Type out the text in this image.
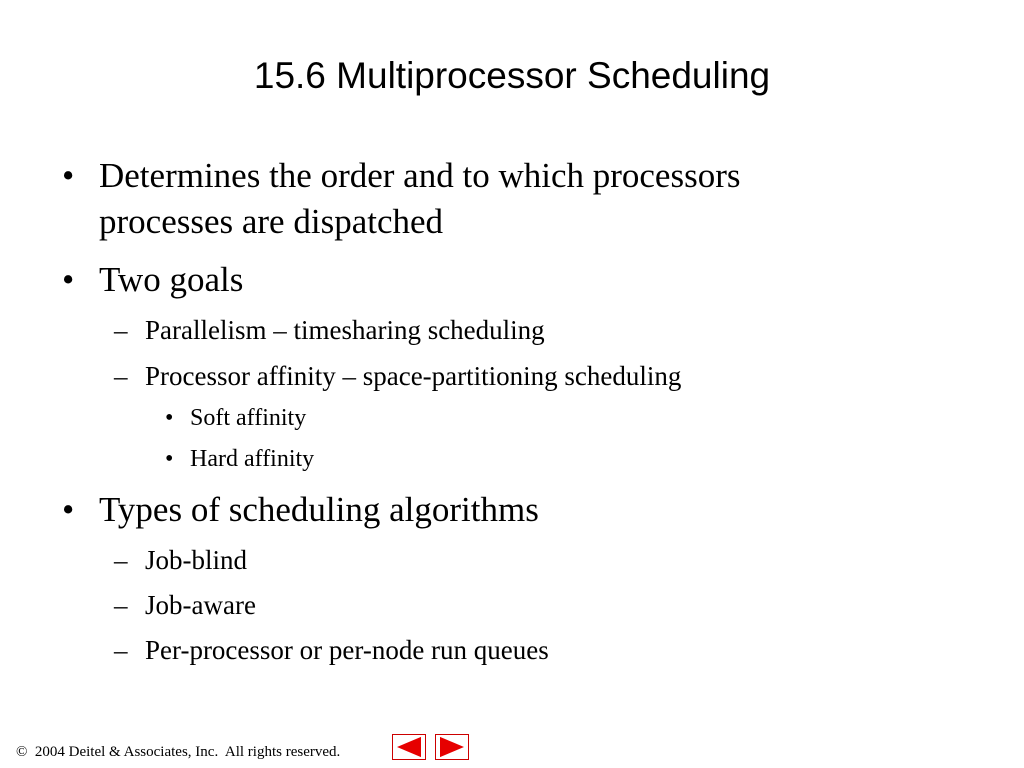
15.6 Multiprocessor Scheduling
• Determines the order and to which processors
processes are dispatched
• Two goals
– Parallelism – timesharing scheduling
– Processor affinity – space-partitioning scheduling
• Soft affinity
• Hard affinity
• Types of scheduling algorithms
– Job-blind
– Job-aware
– Per-processor or per-node run queues
©  2004 Deitel & Associates, Inc.  All rights reserved.
